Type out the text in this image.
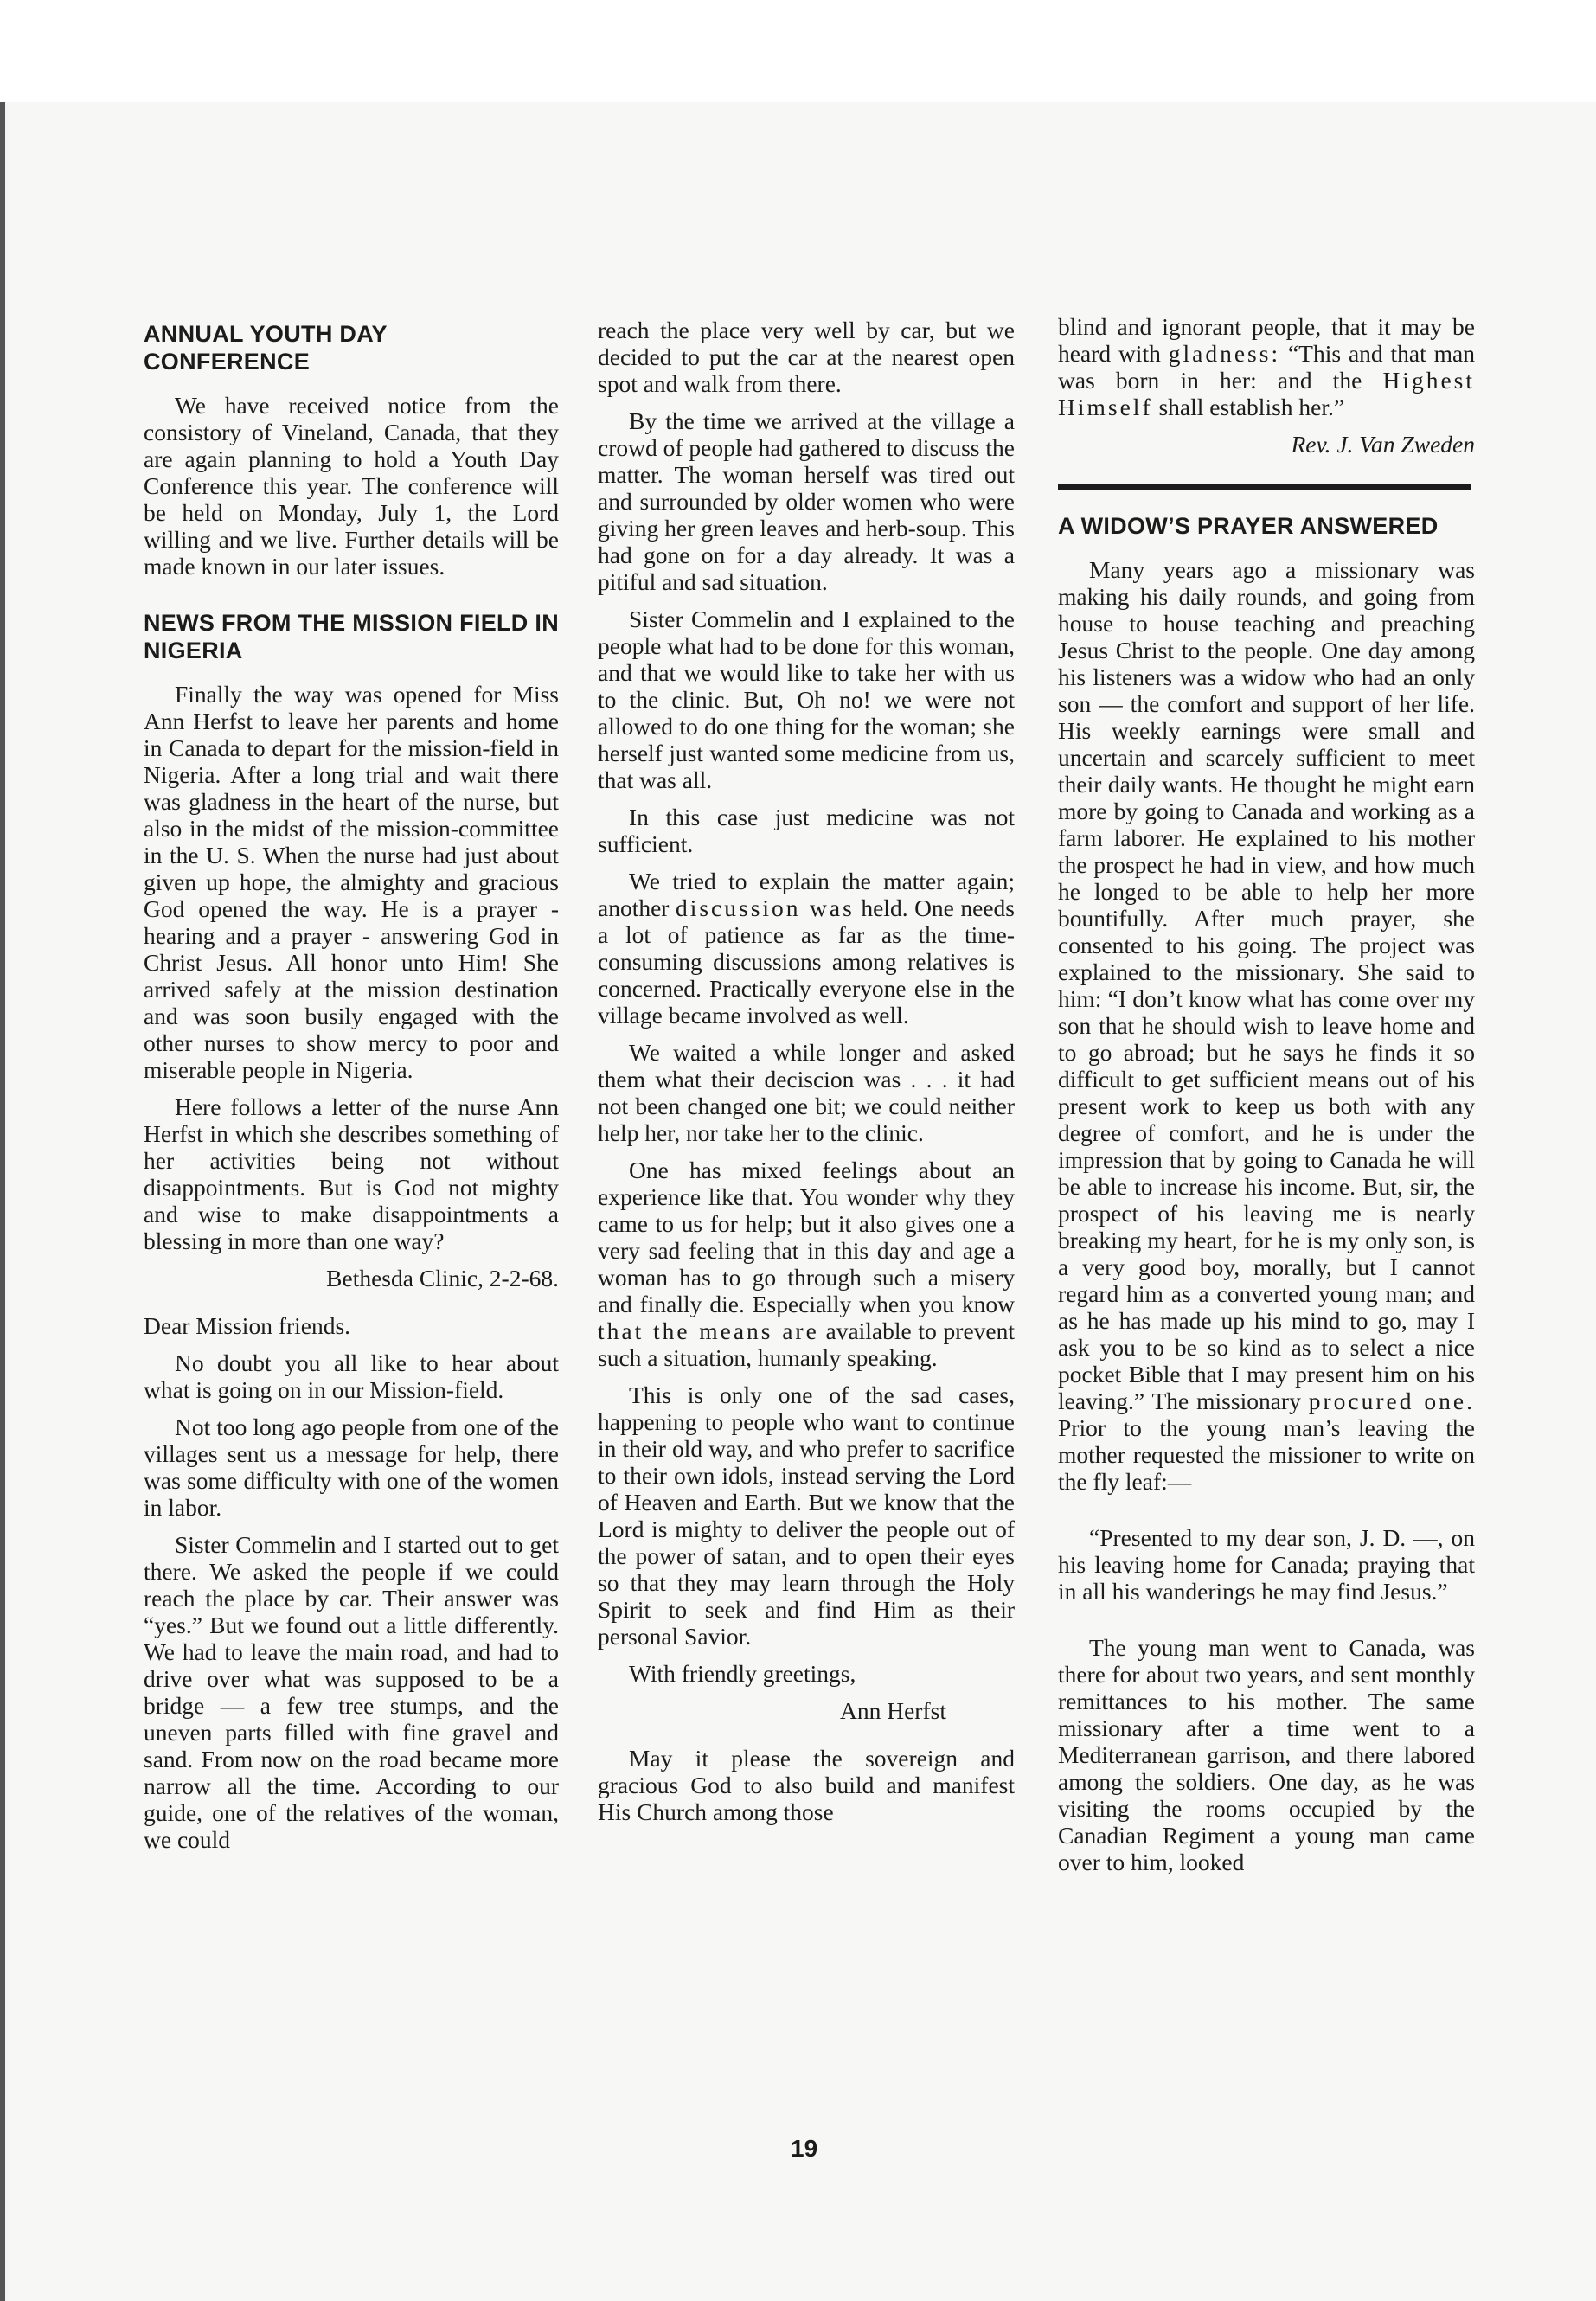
ANNUAL YOUTH DAY CONFERENCE

We have received notice from the consistory of Vineland, Canada, that they are again planning to hold a Youth Day Conference this year. The conference will be held on Monday, July 1, the Lord willing and we live. Further details will be made known in our later issues.

NEWS FROM THE MISSION FIELD IN NIGERIA

Finally the way was opened for Miss Ann Herfst to leave her parents and home in Canada to depart for the mission-field in Nigeria. After a long trial and wait there was gladness in the heart of the nurse, but also in the midst of the mission-committee in the U. S. When the nurse had just about given up hope, the almighty and gracious God opened the way. He is a prayer - hearing and a prayer - answering God in Christ Jesus. All honor unto Him! She arrived safely at the mission destination and was soon busily engaged with the other nurses to show mercy to poor and miserable people in Nigeria.

Here follows a letter of the nurse Ann Herfst in which she describes something of her activities being not without disappointments. But is God not mighty and wise to make disappointments a blessing in more than one way?

Bethesda Clinic, 2-2-68.

Dear Mission friends.

No doubt you all like to hear about what is going on in our Mission-field.

Not too long ago people from one of the villages sent us a message for help, there was some difficulty with one of the women in labor.

Sister Commelin and I started out to get there. We asked the people if we could reach the place by car. Their answer was “yes.” But we found out a little differently. We had to leave the main road, and had to drive over what was supposed to be a bridge — a few tree stumps, and the uneven parts filled with fine gravel and sand. From now on the road became more narrow all the time. According to our guide, one of the relatives of the woman, we could

reach the place very well by car, but we decided to put the car at the nearest open spot and walk from there.

By the time we arrived at the village a crowd of people had gathered to discuss the matter. The woman herself was tired out and surrounded by older women who were giving her green leaves and herb-soup. This had gone on for a day already. It was a pitiful and sad situation.

Sister Commelin and I explained to the people what had to be done for this woman, and that we would like to take her with us to the clinic. But, Oh no! we were not allowed to do one thing for the woman; she herself just wanted some medicine from us, that was all.

In this case just medicine was not sufficient.

We tried to explain the matter again; another discussion was held. One needs a lot of patience as far as the time-consuming discussions among relatives is concerned. Practically everyone else in the village became involved as well.

We waited a while longer and asked them what their deciscion was . . . it had not been changed one bit; we could neither help her, nor take her to the clinic.

One has mixed feelings about an experience like that. You wonder why they came to us for help; but it also gives one a very sad feeling that in this day and age a woman has to go through such a misery and finally die. Especially when you know that the means are available to prevent such a situation, humanly speaking.

This is only one of the sad cases, happening to people who want to continue in their old way, and who prefer to sacrifice to their own idols, instead serving the Lord of Heaven and Earth. But we know that the Lord is mighty to deliver the people out of the power of satan, and to open their eyes so that they may learn through the Holy Spirit to seek and find Him as their personal Savior.

With friendly greetings,

Ann Herfst

May it please the sovereign and gracious God to also build and manifest His Church among those

blind and ignorant people, that it may be heard with gladness: “This and that man was born in her: and the Highest Himself shall establish her.”

Rev. J. Van Zweden

A WIDOW’S PRAYER ANSWERED

Many years ago a missionary was making his daily rounds, and going from house to house teaching and preaching Jesus Christ to the people. One day among his listeners was a widow who had an only son — the comfort and support of her life. His weekly earnings were small and uncertain and scarcely sufficient to meet their daily wants. He thought he might earn more by going to Canada and working as a farm laborer. He explained to his mother the prospect he had in view, and how much he longed to be able to help her more bountifully. After much prayer, she consented to his going. The project was explained to the missionary. She said to him: “I don’t know what has come over my son that he should wish to leave home and to go abroad; but he says he finds it so difficult to get sufficient means out of his present work to keep us both with any degree of comfort, and he is under the impression that by going to Canada he will be able to increase his income. But, sir, the prospect of his leaving me is nearly breaking my heart, for he is my only son, is a very good boy, morally, but I cannot regard him as a converted young man; and as he has made up his mind to go, may I ask you to be so kind as to select a nice pocket Bible that I may present him on his leaving.” The missionary procured one. Prior to the young man’s leaving the mother requested the missioner to write on the fly leaf:—

“Presented to my dear son, J. D. —, on his leaving home for Canada; praying that in all his wanderings he may find Jesus.”

The young man went to Canada, was there for about two years, and sent monthly remittances to his mother. The same missionary after a time went to a Mediterranean garrison, and there labored among the soldiers. One day, as he was visiting the rooms occupied by the Canadian Regiment a young man came over to him, looked

19
